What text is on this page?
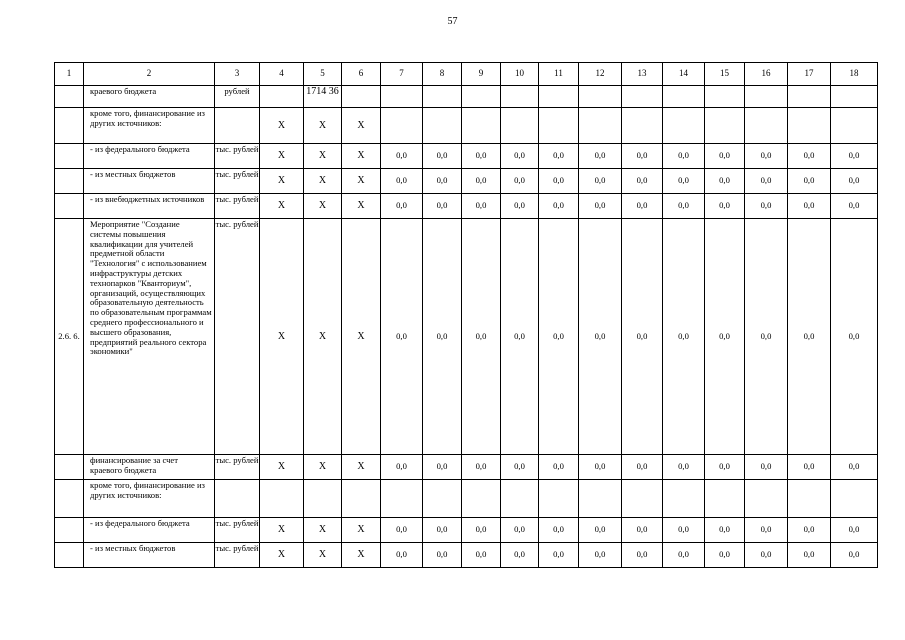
57
1	2	3	4	5	6	7	8	9	10	11	12	13	14	15	16	17	18
	краевого бюджета	рублей		1714 36													
	кроме того, финансирование из других источников:		X	X	X												
	- из федерального бюджета	тыс. рублей	X	X	X	0,0	0,0	0,0	0,0	0,0	0,0	0,0	0,0	0,0	0,0	0,0	0,0
	- из местных бюджетов	тыс. рублей	X	X	X	0,0	0,0	0,0	0,0	0,0	0,0	0,0	0,0	0,0	0,0	0,0	0,0
	- из внебюджетных источников	тыс. рублей	X	X	X	0,0	0,0	0,0	0,0	0,0	0,0	0,0	0,0	0,0	0,0	0,0	0,0
2.6. 6.	Мероприятие "Создание системы повышения квалификации для учителей предметной области "Технология" с использованием инфраструктуры детских технопарков "Кванториум", организаций, осуществляющих образовательную деятельность по образовательным программам среднего профессионального и высшего образования, предприятий реального сектора экономики"	тыс. рублей	X	X	X	0,0	0,0	0,0	0,0	0,0	0,0	0,0	0,0	0,0	0,0	0,0	0,0
	финансирование за счет краевого бюджета	тыс. рублей	X	X	X	0,0	0,0	0,0	0,0	0,0	0,0	0,0	0,0	0,0	0,0	0,0	0,0
	кроме того, финансирование из других источников:																
	- из федерального бюджета	тыс. рублей	X	X	X	0,0	0,0	0,0	0,0	0,0	0,0	0,0	0,0	0,0	0,0	0,0	0,0
	- из местных бюджетов	тыс. рублей	X	X	X	0,0	0,0	0,0	0,0	0,0	0,0	0,0	0,0	0,0	0,0	0,0	0,0
